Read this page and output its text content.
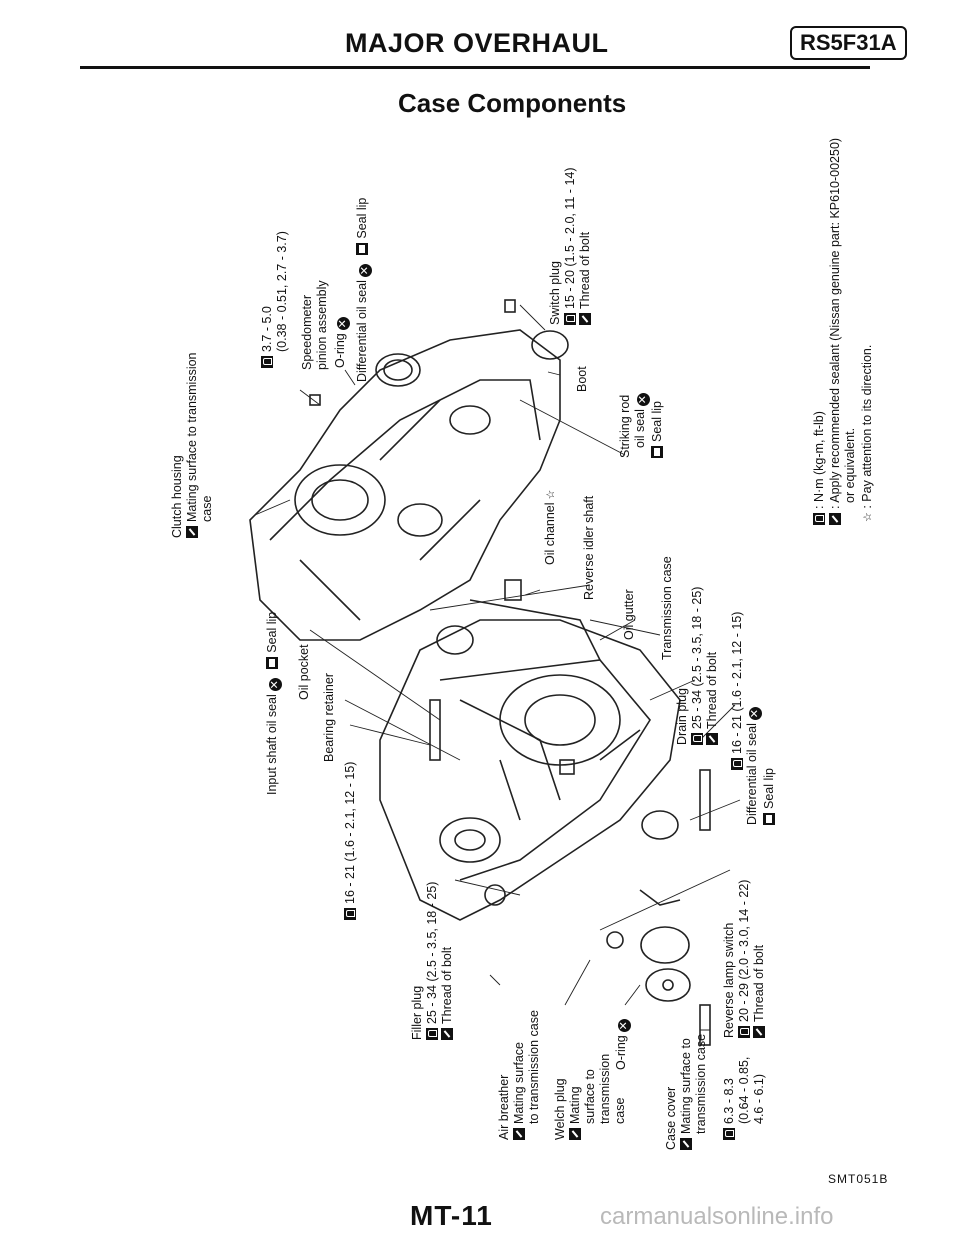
MAJOR OVERHAUL	RS5F31A
Case Components
Clutch housing Mating surface to transmission case
3.7 - 5.0 (0.38 - 0.51, 2.7 - 3.7) Speedometer pinion assembly O-ring✕ Differential oil seal✕ Seal lip
Switch plug 15 - 20 (1.5 - 2.0, 11 - 14) Thread of bolt
Boot
Striking rod oil seal✕
Seal lip
Oil channel☆
Reverse idler shaft
Oil gutter Transmission case
Drain plug 25 - 34 (2.5 - 3.5, 18 - 25) Thread of bolt 16 - 21 (1.6 - 2.1, 12 - 15)
Differential oil seal✕
Seal lip
Input shaft oil seal✕ Seal lip
Oil pocket
Bearing retainer
16 - 21 (1.6 - 2.1, 12 - 15)
Filler plug 25 - 34 (2.5 - 3.5, 18 - 25) Thread of bolt
Air breather Mating surface to transmission case Welch plug Mating surface to transmission case
O-ring✕
Case cover Mating surface to transmission case 6.3 - 8.3 (0.64 - 0.85, 4.6 - 6.1)
Reverse lamp switch 20 - 29 (2.0 - 3.0, 14 - 22) Thread of bolt
: N·m (kg-m, ft-lb) : Apply recommended sealant (Nissan genuine part: KP610-00250) or equivalent.
☆ : Pay attention to its direction.
SMT051B
MT-11	carmanualsonline.info
